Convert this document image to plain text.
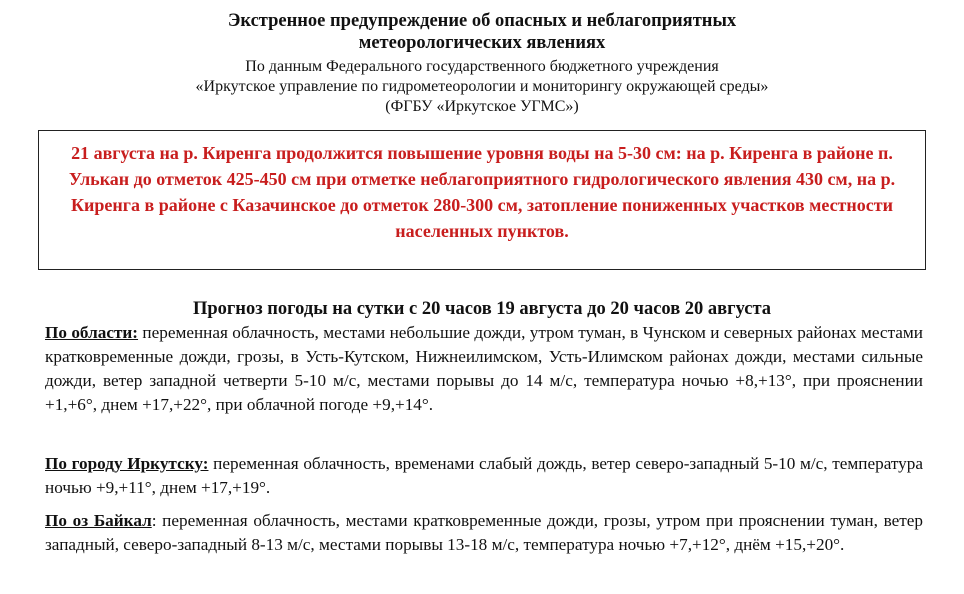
Экстренное предупреждение об опасных и неблагоприятных
метеорологических явлениях
По данным Федерального государственного бюджетного учреждения
«Иркутское управление по гидрометеорологии и мониторингу окружающей среды»
(ФГБУ «Иркутское УГМС»)
21 августа на р. Киренга продолжится повышение уровня воды на 5-30 см: на р. Киренга в районе п. Улькан до отметок 425-450 см при отметке неблагоприятного гидрологического явления 430 см, на р. Киренга в районе с Казачинское до отметок 280-300 см, затопление пониженных участков местности населенных пунктов.
Прогноз погоды на сутки с 20 часов 19 августа до 20 часов 20 августа
По области: переменная облачность, местами небольшие дожди, утром туман, в Чунском и северных районах местами кратковременные дожди, грозы, в Усть-Кутском, Нижнеилимском, Усть-Илимском районах дожди, местами сильные дожди, ветер западной четверти 5-10 м/с, местами порывы до 14 м/с, температура ночью +8,+13°, при прояснении +1,+6°, днем +17,+22°, при облачной погоде +9,+14°.
По городу Иркутску: переменная облачность, временами слабый дождь, ветер северо-западный 5-10 м/с, температура ночью +9,+11°, днем +17,+19°.
По оз Байкал: переменная облачность, местами кратковременные дожди, грозы, утром при прояснении туман, ветер западный, северо-западный 8-13 м/с, местами порывы 13-18 м/с, температура ночью +7,+12°, днём +15,+20°.
